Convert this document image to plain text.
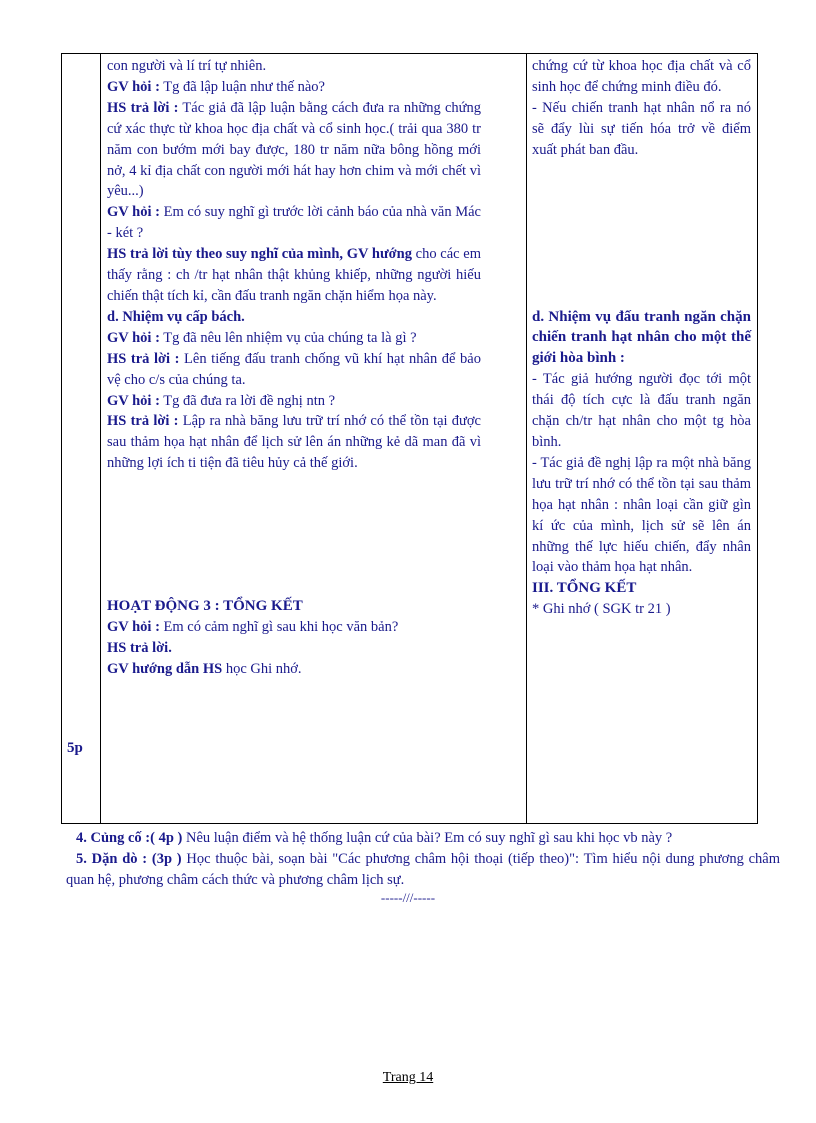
5p

con người và lí trí tự nhiên.

GV hỏi : Tg đã lập luận như thế nào?

HS trả lời : Tác giả đã lập luận bằng cách đưa ra những chứng cứ xác thực từ khoa học địa chất và cổ sinh học.( trải qua 380 tr năm con bướm mới bay được, 180 tr năm nữa bông hồng mới nở, 4 kỉ địa chất con người mới hát hay hơn chim và mới chết vì yêu...)

GV hỏi : Em có suy nghĩ gì trước lời cảnh báo của nhà văn Mác - két ?

HS trả lời tùy theo suy nghĩ của mình, GV hướng cho các em thấy rằng : ch /tr hạt nhân thật khủng khiếp, những người hiếu chiến thật tích kỉ, cần đấu tranh ngăn chặn hiểm họa này.

d. Nhiệm vụ cấp bách.

GV hỏi : Tg đã nêu lên nhiệm vụ của chúng ta là gì ?

HS trả lời : Lên tiếng đấu tranh chống vũ khí hạt nhân để bảo vệ cho c/s của chúng ta.

GV hỏi : Tg đã đưa ra lời đề nghị ntn ?

HS trả lời : Lập ra nhà băng lưu trữ trí nhớ có thể tồn tại được sau thảm họa hạt nhân để lịch sử lên án những kẻ dã man đã vì những lợi ích ti tiện đã tiêu hủy cả thế giới.

HOẠT ĐỘNG 3 : TỔNG KẾT

GV hỏi : Em có cảm nghĩ gì sau khi học văn bản?

HS trả lời.

GV hướng dẫn HS học Ghi nhớ.

chứng cứ từ khoa học địa chất và cổ sinh học để chứng minh điều đó.

- Nếu chiến tranh hạt nhân nổ ra nó sẽ đẩy lùi sự tiến hóa trở về điểm xuất phát ban đầu.

d. Nhiệm vụ đấu tranh ngăn chặn chiến tranh hạt nhân cho một thế giới hòa bình :

- Tác giả hướng người đọc tới một thái độ tích cực là đấu tranh ngăn chặn ch/tr hạt nhân cho một tg hòa bình.

- Tác giả đề nghị lập ra một nhà băng lưu trữ trí nhớ có thể tồn tại sau thảm họa hạt nhân : nhân loại cần giữ gìn kí ức của mình, lịch sử sẽ lên án những thế lực hiếu chiến, đẩy nhân loại vào thảm họa hạt nhân.

III. TỔNG KẾT

* Ghi nhớ ( SGK tr 21 )

4. Củng cố :( 4p ) Nêu luận điểm và hệ thống luận cứ của bài? Em có suy nghĩ gì sau khi học vb này ?

5. Dặn dò : (3p ) Học thuộc bài, soạn bài "Các phương châm hội thoại (tiếp theo)": Tìm hiểu nội dung phương châm quan hệ, phương châm cách thức và phương châm lịch sự.

-----///-----
Trang 14
